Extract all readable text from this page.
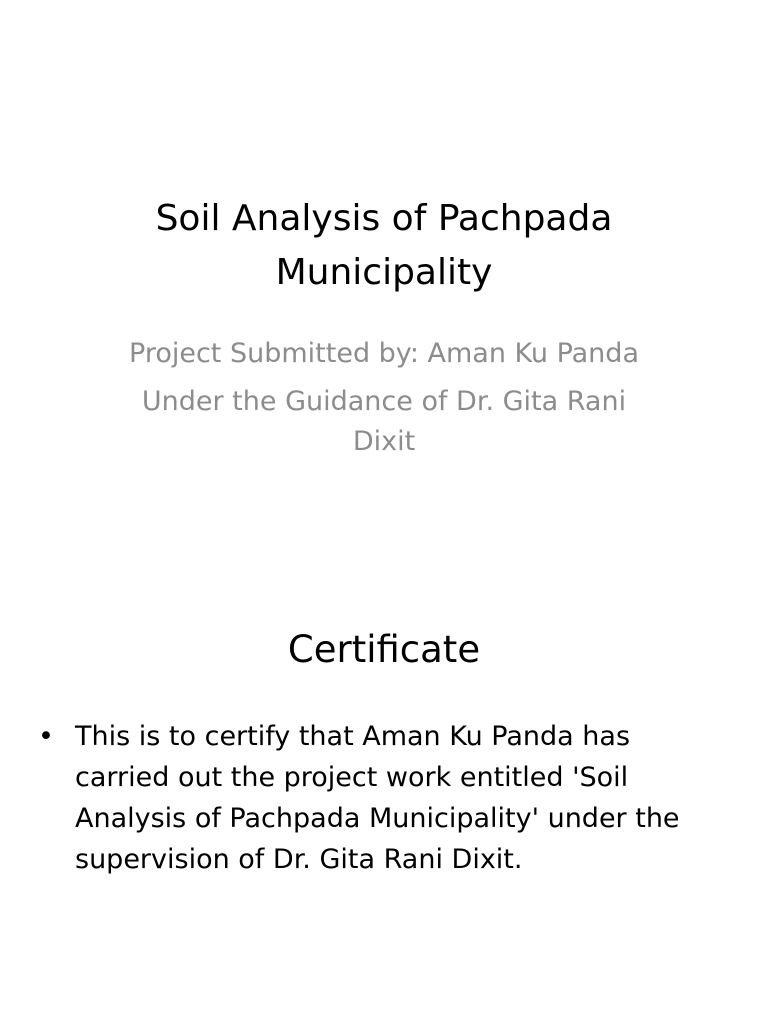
Soil Analysis of Pachpada Municipality

Project Submitted by: Aman Ku Panda

Under the Guidance of Dr. Gita Rani Dixit

Certificate
• This is to certify that Aman Ku Panda has carried out the project work entitled 'Soil Analysis of Pachpada Municipality' under the supervision of Dr. Gita Rani Dixit.
